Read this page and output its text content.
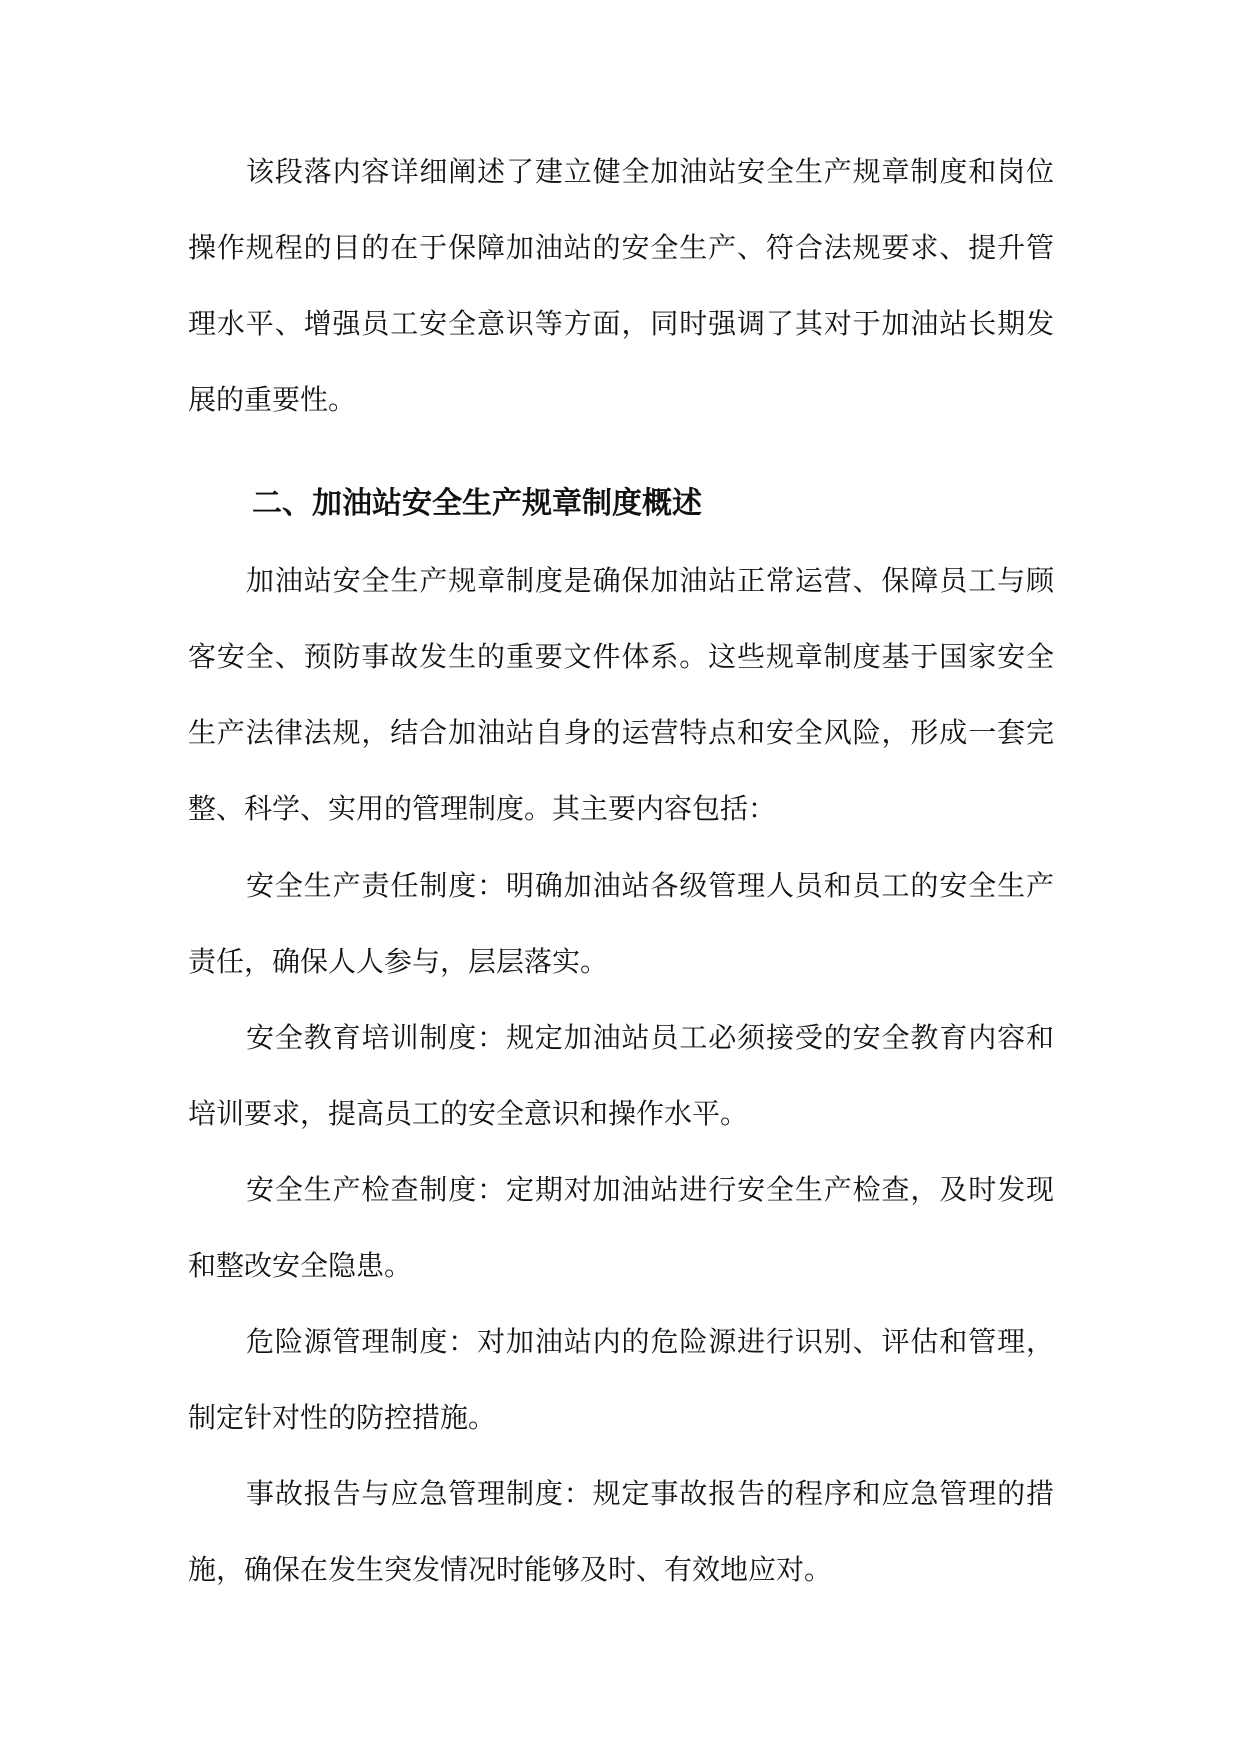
该段落内容详细阐述了建立健全加油站安全生产规章制度和岗位操作规程的目的在于保障加油站的安全生产、符合法规要求、提升管理水平、增强员工安全意识等方面，同时强调了其对于加油站长期发展的重要性。

二、加油站安全生产规章制度概述

加油站安全生产规章制度是确保加油站正常运营、保障员工与顾客安全、预防事故发生的重要文件体系。这些规章制度基于国家安全生产法律法规，结合加油站自身的运营特点和安全风险，形成一套完整、科学、实用的管理制度。其主要内容包括：

安全生产责任制度：明确加油站各级管理人员和员工的安全生产责任，确保人人参与，层层落实。

安全教育培训制度：规定加油站员工必须接受的安全教育内容和培训要求，提高员工的安全意识和操作水平。

安全生产检查制度：定期对加油站进行安全生产检查，及时发现和整改安全隐患。

危险源管理制度：对加油站内的危险源进行识别、评估和管理，制定针对性的防控措施。

事故报告与应急管理制度：规定事故报告的程序和应急管理的措施，确保在发生突发情况时能够及时、有效地应对。
